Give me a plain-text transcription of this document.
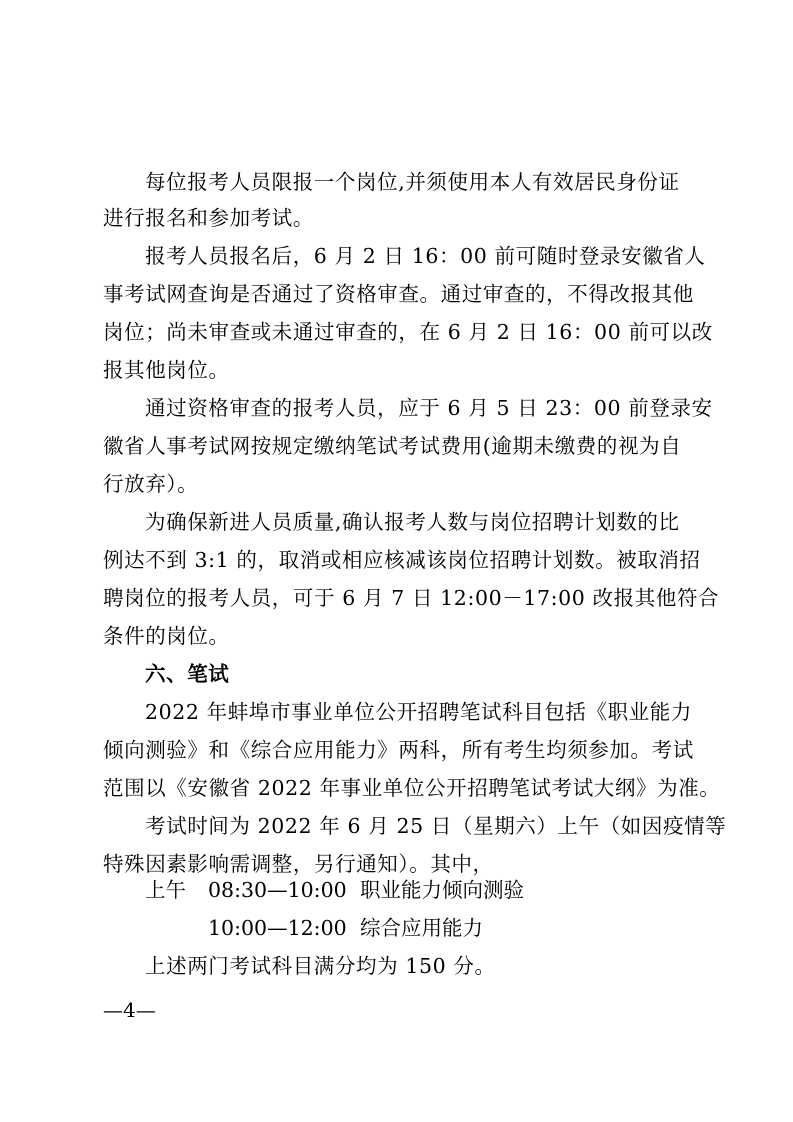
每位报考人员限报一个岗位,并须使用本人有效居民身份证
进行报名和参加考试。
报考人员报名后，6 月 2 日 16：00 前可随时登录安徽省人
事考试网查询是否通过了资格审查。通过审查的，不得改报其他
岗位；尚未审查或未通过审查的，在 6 月 2 日 16：00 前可以改
报其他岗位。
通过资格审查的报考人员，应于 6 月 5 日 23：00 前登录安
徽省人事考试网按规定缴纳笔试考试费用(逾期未缴费的视为自
行放弃）。
为确保新进人员质量,确认报考人数与岗位招聘计划数的比
例达不到 3:1 的，取消或相应核减该岗位招聘计划数。被取消招
聘岗位的报考人员，可于 6 月 7 日 12:00－17:00 改报其他符合
条件的岗位。
六、笔试
2022 年蚌埠市事业单位公开招聘笔试科目包括《职业能力
倾向测验》和《综合应用能力》两科，所有考生均须参加。考试
范围以《安徽省 2022 年事业单位公开招聘笔试考试大纲》为准。
考试时间为 2022 年 6 月 25 日（星期六）上午（如因疫情等
特殊因素影响需调整，另行通知）。其中，
上午 08:30—10:00 职业能力倾向测验
10:00—12:00 综合应用能力
上述两门考试科目满分均为 150 分。
—4—
